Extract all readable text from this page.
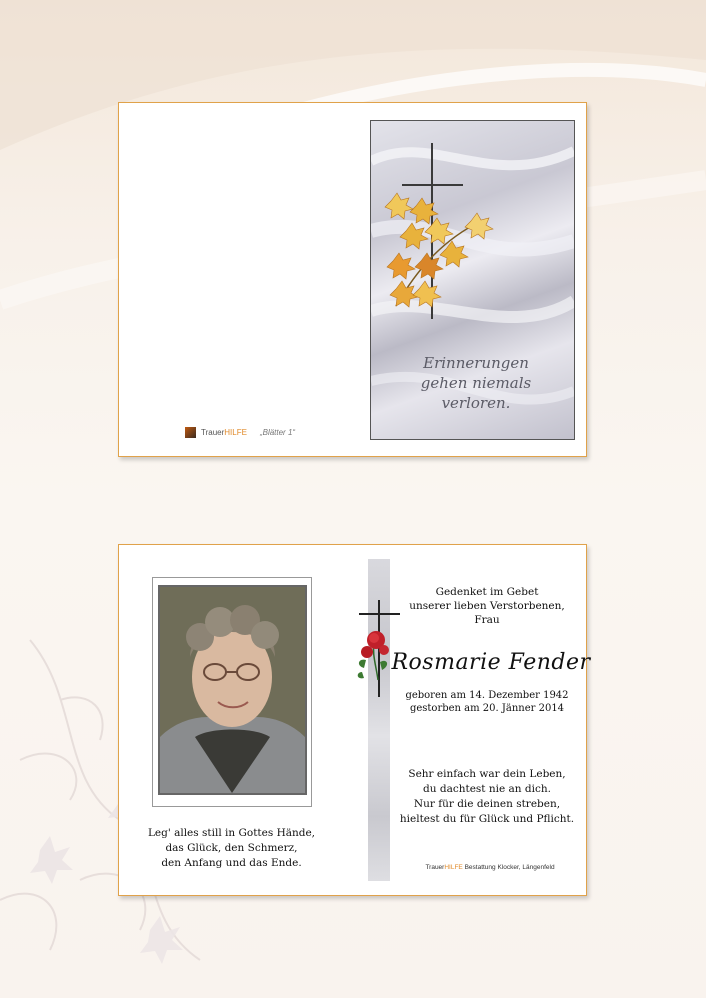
TrauerHILFE „Blätter 1“
Erinnerungen
gehen niemals
verloren.
Leg' alles still in Gottes Hände,
das Glück, den Schmerz,
den Anfang und das Ende.
Gedenket im Gebet
unserer lieben Verstorbenen,
Frau
Rosmarie Fender
geboren am 14. Dezember 1942
gestorben am 20. Jänner 2014
Sehr einfach war dein Leben,
du dachtest nie an dich.
Nur für die deinen streben,
hieltest du für Glück und Pflicht.
TrauerHILFE Bestattung Klocker, Längenfeld
